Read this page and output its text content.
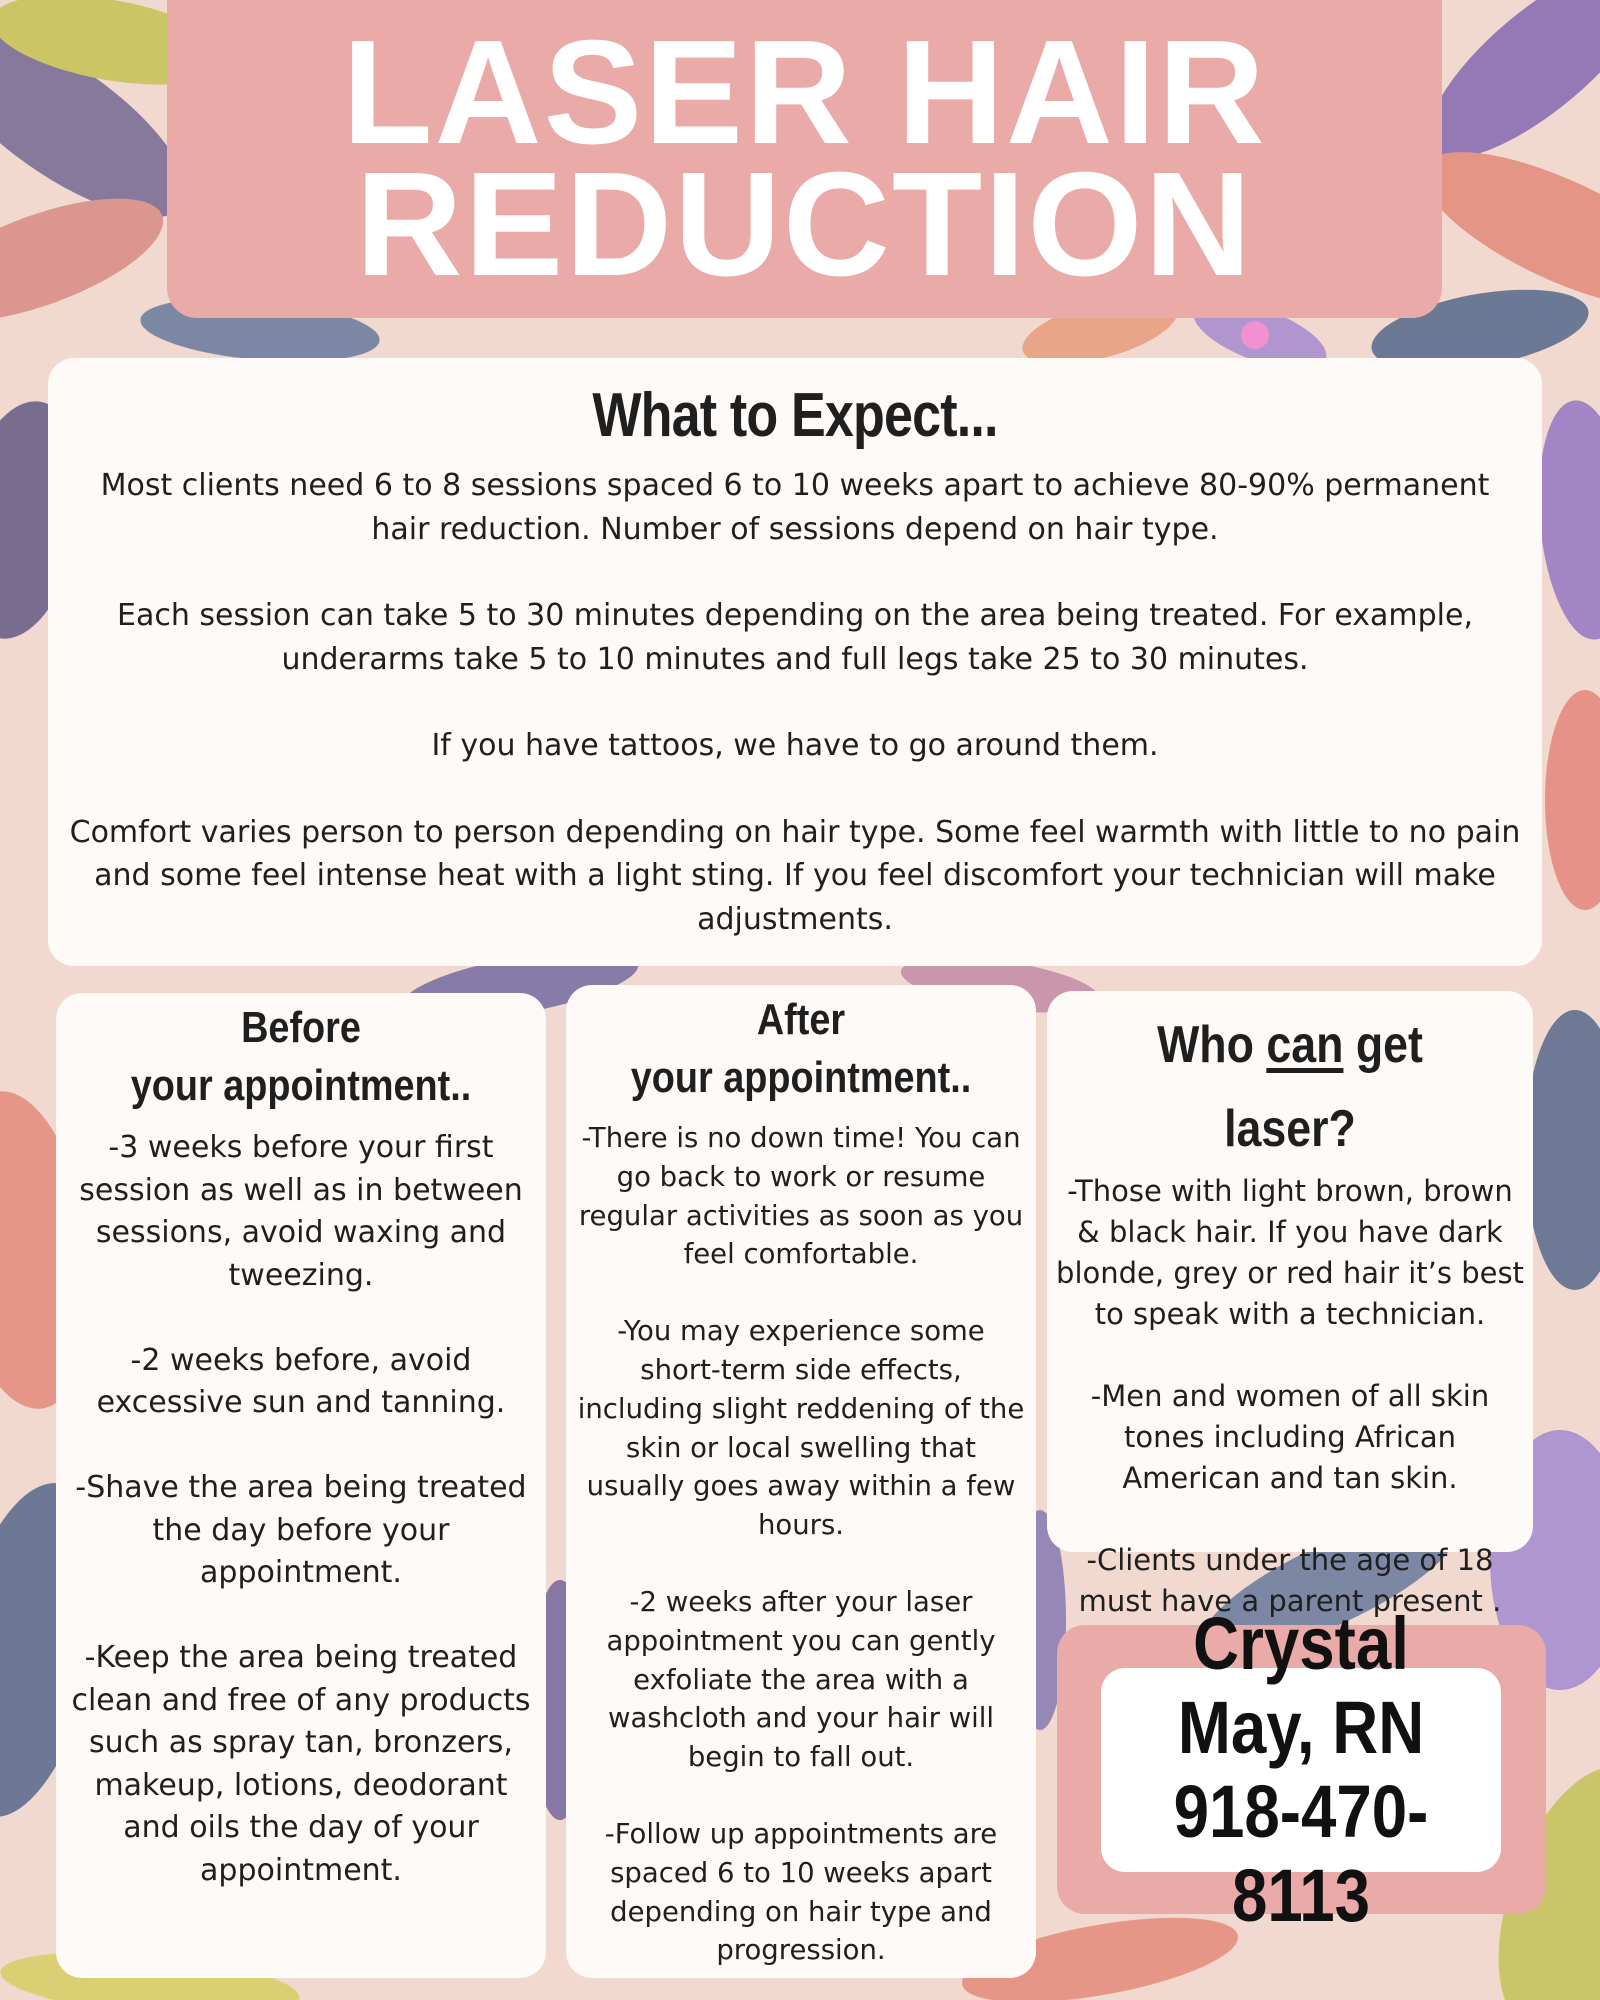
LASER HAIR
REDUCTION
What to Expect...

Most clients need 6 to 8 sessions spaced 6 to 10 weeks apart to achieve 80-90% permanent hair reduction. Number of sessions depend on hair type.

Each session can take 5 to 30 minutes depending on the area being treated. For example, underarms take 5 to 10 minutes and full legs take 25 to 30 minutes.

If you have tattoos, we have to go around them.

Comfort varies person to person depending on hair type. Some feel warmth with little to no pain and some feel intense heat with a light sting. If you feel discomfort your technician will make adjustments.

Before
your appointment..

-3 weeks before your first session as well as in between sessions, avoid waxing and tweezing.

-2 weeks before, avoid excessive sun and tanning.

-Shave the area being treated the day before your appointment.

-Keep the area being treated clean and free of any products such as spray tan, bronzers, makeup, lotions, deodorant and oils the day of your appointment.

After
your appointment..

-There is no down time! You can go back to work or resume regular activities as soon as you feel comfortable.

-You may experience some short-term side effects, including slight reddening of the skin or local swelling that usually goes away within a few hours.

-2 weeks after your laser appointment you can gently exfoliate the area with a washcloth and your hair will begin to fall out.

-Follow up appointments are spaced 6 to 10 weeks apart depending on hair type and progression.

Who can get laser?

-Those with light brown, brown & black hair. If you have dark blonde, grey or red hair it’s best to speak with a technician.

-Men and women of all skin tones including African American and tan skin.

-Clients under the age of 18 must have a parent present .

Crystal May, RN
918-470-8113
